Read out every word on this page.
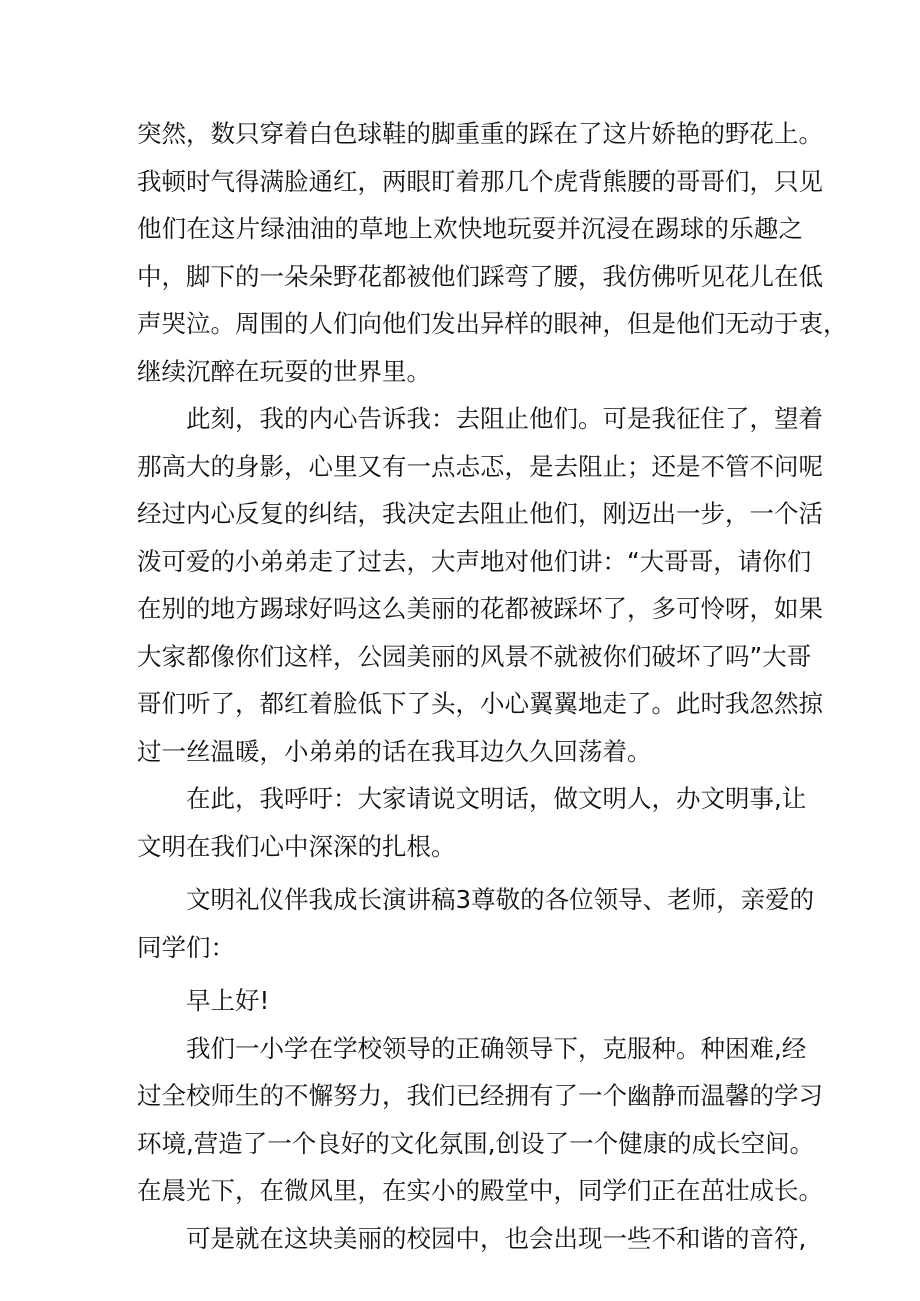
突然，数只穿着白色球鞋的脚重重的踩在了这片娇艳的野花上。
我顿时气得满脸通红，两眼盯着那几个虎背熊腰的哥哥们，只见
他们在这片绿油油的草地上欢快地玩耍并沉浸在踢球的乐趣之
中，脚下的一朵朵野花都被他们踩弯了腰，我仿佛听见花儿在低
声哭泣。周围的人们向他们发出异样的眼神，但是他们无动于衷，
继续沉醉在玩耍的世界里。

此刻，我的内心告诉我：去阻止他们。可是我征住了，望着
那高大的身影，心里又有一点忐忑，是去阻止；还是不管不问呢
经过内心反复的纠结，我决定去阻止他们，刚迈出一步，一个活
泼可爱的小弟弟走了过去，大声地对他们讲：“大哥哥，请你们
在别的地方踢球好吗这么美丽的花都被踩坏了，多可怜呀，如果
大家都像你们这样，公园美丽的风景不就被你们破坏了吗”大哥
哥们听了，都红着脸低下了头，小心翼翼地走了。此时我忽然掠
过一丝温暖，小弟弟的话在我耳边久久回荡着。

在此，我呼吁：大家请说文明话，做文明人，办文明事,让
文明在我们心中深深的扎根。

文明礼仪伴我成长演讲稿3尊敬的各位领导、老师，亲爱的
同学们：

早上好!

我们一小学在学校领导的正确领导下，克服种。种困难,经
过全校师生的不懈努力，我们已经拥有了一个幽静而温馨的学习
环境,营造了一个良好的文化氛围,创设了一个健康的成长空间。
在晨光下，在微风里，在实小的殿堂中，同学们正在茁壮成长。

可是就在这块美丽的校园中，也会出现一些不和谐的音符,
